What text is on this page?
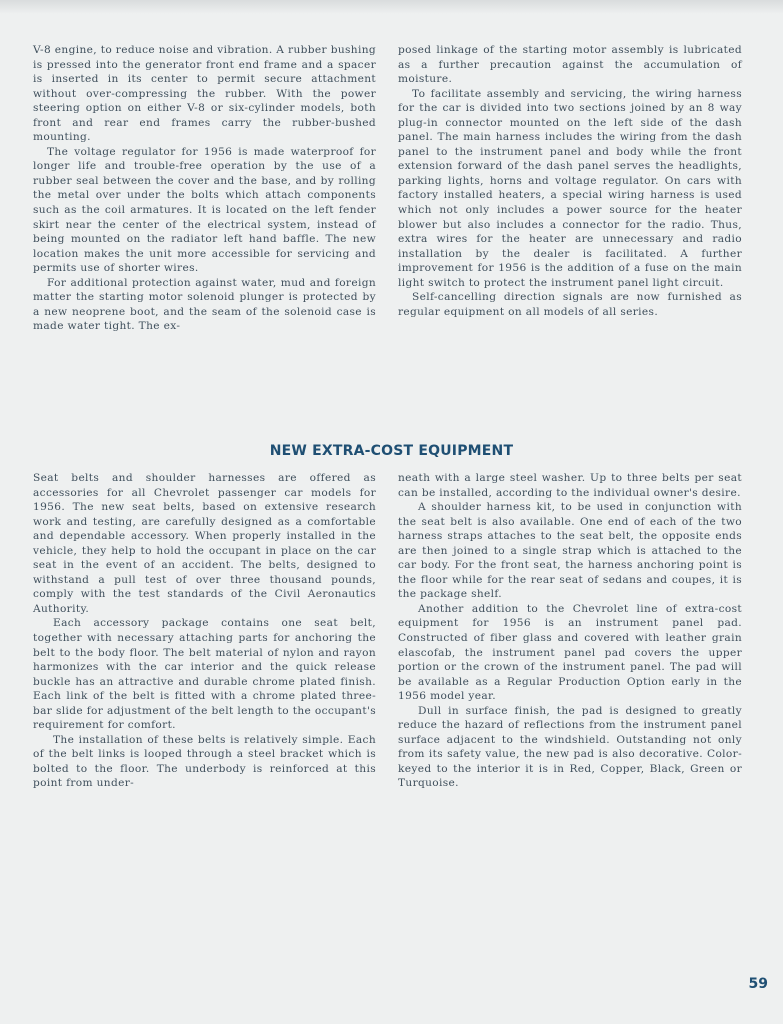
V-8 engine, to reduce noise and vibration. A rubber bushing is pressed into the generator front end frame and a spacer is inserted in its center to permit secure attachment without over-compressing the rubber. With the power steering option on either V-8 or six-cylinder models, both front and rear end frames carry the rubber-bushed mounting.

The voltage regulator for 1956 is made waterproof for longer life and trouble-free operation by the use of a rubber seal between the cover and the base, and by rolling the metal over under the bolts which attach components such as the coil armatures. It is located on the left fender skirt near the center of the electrical system, instead of being mounted on the radiator left hand baffle. The new location makes the unit more accessible for servicing and permits use of shorter wires.

For additional protection against water, mud and foreign matter the starting motor solenoid plunger is protected by a new neoprene boot, and the seam of the solenoid case is made water tight. The ex-

posed linkage of the starting motor assembly is lubricated as a further precaution against the accumulation of moisture.

To facilitate assembly and servicing, the wiring harness for the car is divided into two sections joined by an 8 way plug-in connector mounted on the left side of the dash panel. The main harness includes the wiring from the dash panel to the instrument panel and body while the front extension forward of the dash panel serves the headlights, parking lights, horns and voltage regulator. On cars with factory installed heaters, a special wiring harness is used which not only includes a power source for the heater blower but also includes a connector for the radio. Thus, extra wires for the heater are unnecessary and radio installation by the dealer is facilitated. A further improvement for 1956 is the addition of a fuse on the main light switch to protect the instrument panel light circuit.

Self-cancelling direction signals are now furnished as regular equipment on all models of all series.

NEW EXTRA-COST EQUIPMENT

Seat belts and shoulder harnesses are offered as accessories for all Chevrolet passenger car models for 1956. The new seat belts, based on extensive research work and testing, are carefully designed as a comfortable and dependable accessory. When properly installed in the vehicle, they help to hold the occupant in place on the car seat in the event of an accident. The belts, designed to withstand a pull test of over three thousand pounds, comply with the test standards of the Civil Aeronautics Authority.

Each accessory package contains one seat belt, together with necessary attaching parts for anchoring the belt to the body floor. The belt material of nylon and rayon harmonizes with the car interior and the quick release buckle has an attractive and durable chrome plated finish. Each link of the belt is fitted with a chrome plated three-bar slide for adjustment of the belt length to the occupant's requirement for comfort.

The installation of these belts is relatively simple. Each of the belt links is looped through a steel bracket which is bolted to the floor. The underbody is reinforced at this point from under-

neath with a large steel washer. Up to three belts per seat can be installed, according to the individual owner's desire.

A shoulder harness kit, to be used in conjunction with the seat belt is also available. One end of each of the two harness straps attaches to the seat belt, the opposite ends are then joined to a single strap which is attached to the car body. For the front seat, the harness anchoring point is the floor while for the rear seat of sedans and coupes, it is the package shelf.

Another addition to the Chevrolet line of extra-cost equipment for 1956 is an instrument panel pad. Constructed of fiber glass and covered with leather grain elascofab, the instrument panel pad covers the upper portion or the crown of the instrument panel. The pad will be available as a Regular Production Option early in the 1956 model year.

Dull in surface finish, the pad is designed to greatly reduce the hazard of reflections from the instrument panel surface adjacent to the windshield. Outstanding not only from its safety value, the new pad is also decorative. Color-keyed to the interior it is in Red, Copper, Black, Green or Turquoise.

59
